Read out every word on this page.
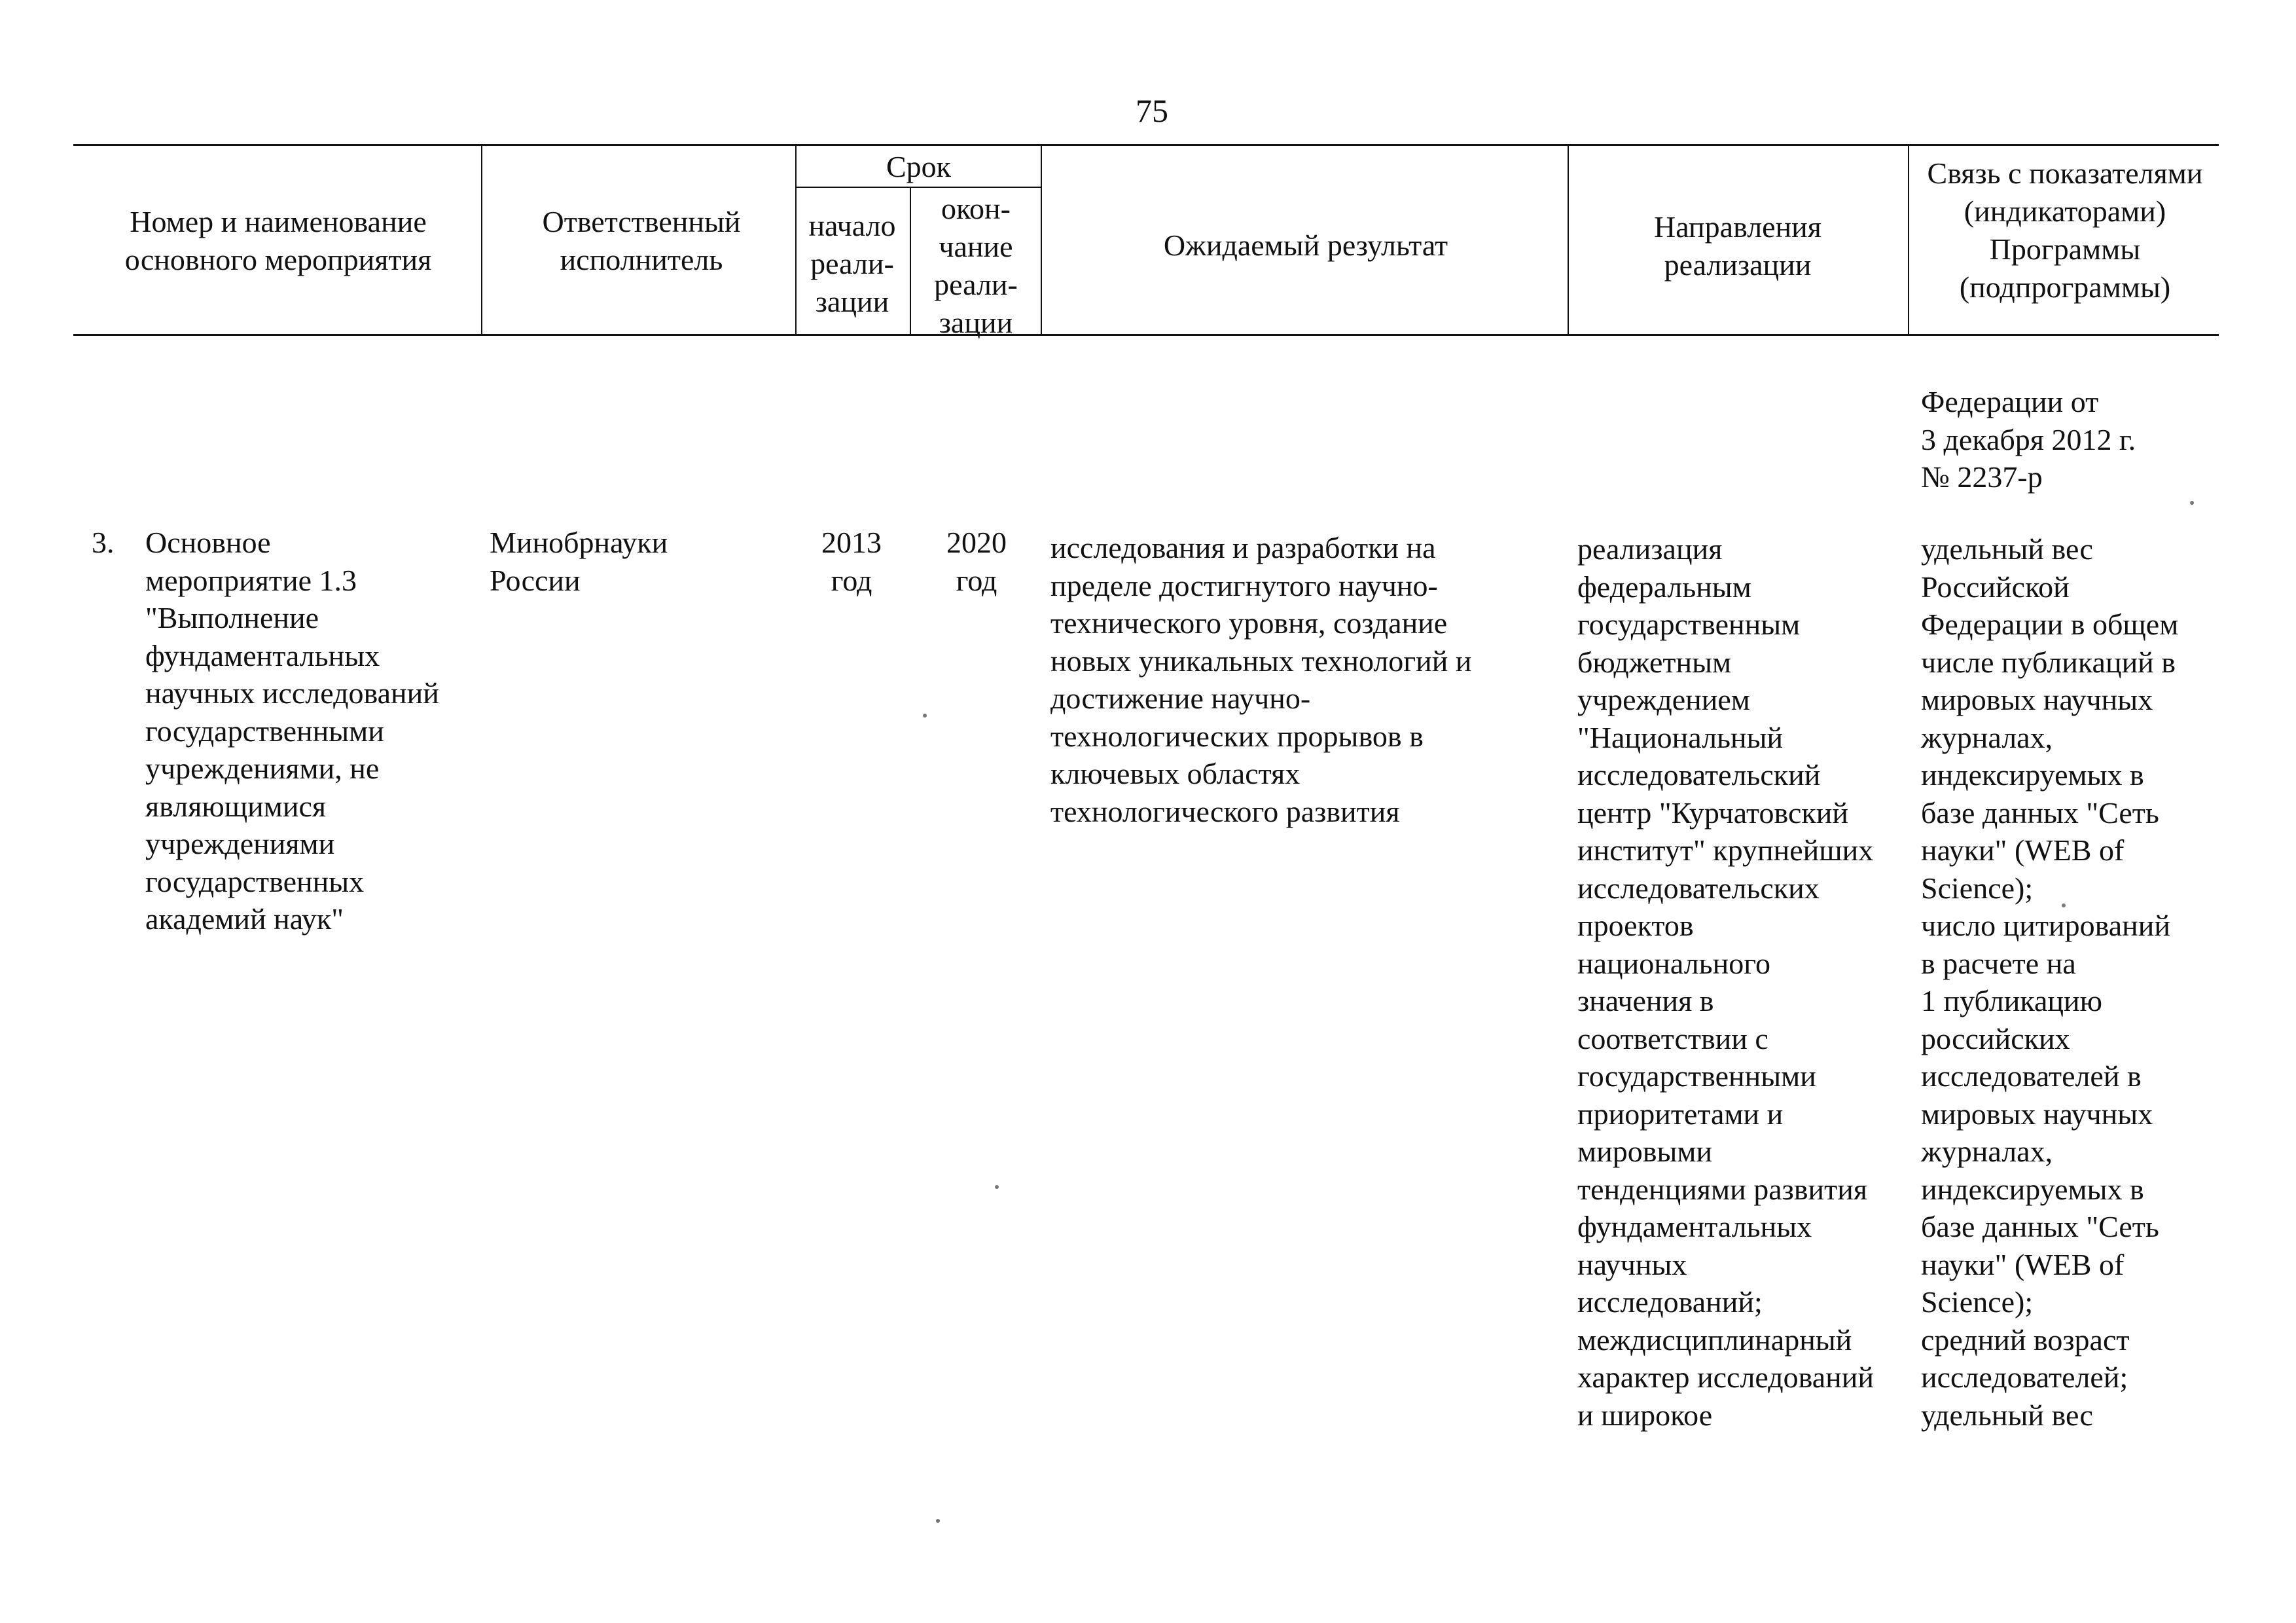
75
Номер и наименование основного мероприятия
Ответственный исполнитель
Срок
начало реали- зации
окон- чание реали- зации
Ожидаемый результат
Направления реализации
Связь с показателями (индикаторами) Программы (подпрограммы)
Федерации от
3 декабря 2012 г.
№ 2237-р
3. Основное
мероприятие 1.3
"Выполнение
фундаментальных
научных исследований
государственными
учреждениями, не
являющимися
учреждениями
государственных
академий наук"
Минобрнауки
России
2013
год
2020
год
исследования и разработки на
пределе достигнутого научно-
технического уровня, создание
новых уникальных технологий и
достижение научно-
технологических прорывов в
ключевых областях
технологического развития
реализация
федеральным
государственным
бюджетным
учреждением
"Национальный
исследовательский
центр "Курчатовский
институт" крупнейших
исследовательских
проектов
национального
значения в
соответствии с
государственными
приоритетами и
мировыми
тенденциями развития
фундаментальных
научных
исследований;
междисциплинарный
характер исследований
и широкое
удельный вес
Российской
Федерации в общем
числе публикаций в
мировых научных
журналах,
индексируемых в
базе данных "Сеть
науки" (WEB of
Science);
число цитирований
в расчете на
1 публикацию
российских
исследователей в
мировых научных
журналах,
индексируемых в
базе данных "Сеть
науки" (WEB of
Science);
средний возраст
исследователей;
удельный вес
